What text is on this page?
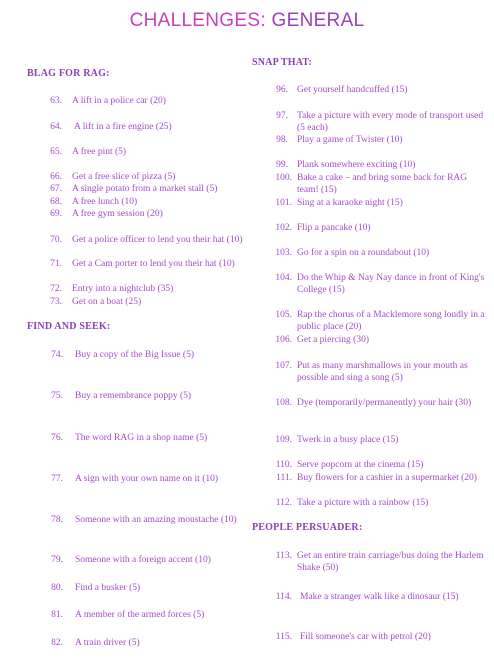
CHALLENGES: GENERAL
BLAG FOR RAG:
63. A lift in a police car (20)
64. A lift in a fire engine (25)
65. A free pint (5)
66. Get a free slice of pizza (5)
67. A single potato from a market stall (5)
68. A free lunch (10)
69. A free gym session (20)
70. Get a police officer to lend you their hat (10)
71. Get a Cam porter to lend you their hat (10)
72. Entry into a nightclub (35)
73. Get on a boat (25)
FIND AND SEEK:
74. Buy a copy of the Big Issue (5)
75. Buy a remembrance poppy (5)
76. The word RAG in a shop name (5)
77. A sign with your own name on it (10)
78. Someone with an amazing moustache (10)
79. Someone with a foreign accent (10)
80. Find a busker (5)
81. A member of the armed forces (5)
82. A train driver (5)
SNAP THAT:
96. Get yourself handcuffed (15)
97. Take a picture with every mode of transport used (5 each)
98. Play a game of Twister (10)
99. Plank somewhere exciting (10)
100. Bake a cake – and bring some back for RAG team! (15)
101. Sing at a karaoke night (15)
102. Flip a pancake (10)
103. Go for a spin on a roundabout (10)
104. Do the Whip & Nay Nay dance in front of King's College (15)
105. Rap the chorus of a Macklemore song loudly in a public place (20)
106. Get a piercing (30)
107. Put as many marshmallows in your mouth as possible and sing a song (5)
108. Dye (temporarily/permanently) your hair (30)
109. Twerk in a busy place (15)
110. Serve popcorn at the cinema (15)
111. Buy flowers for a cashier in a supermarket (20)
112. Take a picture with a rainbow (15)
PEOPLE PERSUADER:
113. Get an entire train carriage/bus doing the Harlem Shake (50)
114. Make a stranger walk like a dinosaur (15)
115. Fill someone's car with petrol (20)
